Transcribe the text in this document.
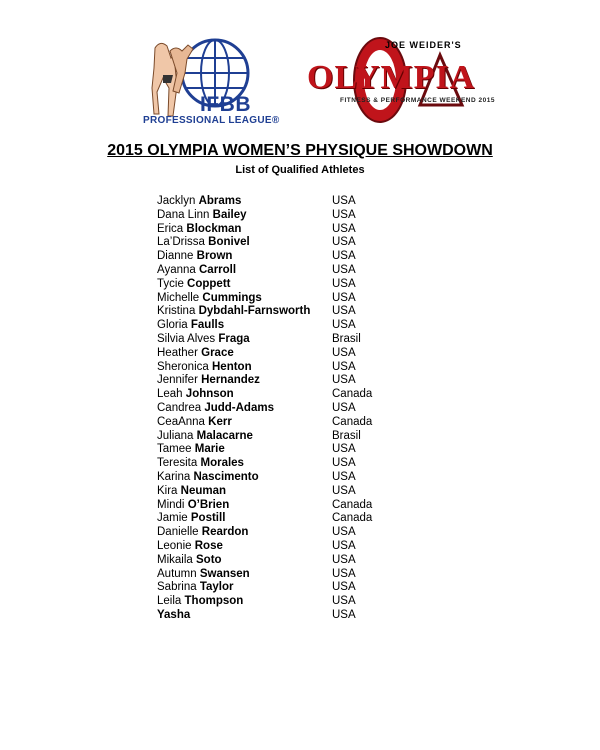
IFBB
PROFESSIONAL LEAGUE®
JOE WEIDER'S
OLYMPIA
FITNESS & PERFORMANCE WEEKEND 2015
2015 OLYMPIA WOMEN’S PHYSIQUE SHOWDOWN
List of Qualified Athletes
Jacklyn Abrams	USA
Dana Linn Bailey	USA
Erica Blockman	USA
La’Drissa Bonivel	USA
Dianne Brown	USA
Ayanna Carroll	USA
Tycie Coppett	USA
Michelle Cummings	USA
Kristina Dybdahl-Farnsworth	USA
Gloria Faulls	USA
Silvia Alves Fraga	Brasil
Heather Grace	USA
Sheronica Henton	USA
Jennifer Hernandez	USA
Leah Johnson	Canada
Candrea Judd-Adams	USA
CeaAnna Kerr	Canada
Juliana Malacarne	Brasil
Tamee Marie	USA
Teresita Morales	USA
Karina Nascimento	USA
Kira Neuman	USA
Mindi O’Brien	Canada
Jamie Postill	Canada
Danielle Reardon	USA
Leonie Rose	USA
Mikaila Soto	USA
Autumn Swansen	USA
Sabrina Taylor	USA
Leila Thompson	USA
Yasha	USA
